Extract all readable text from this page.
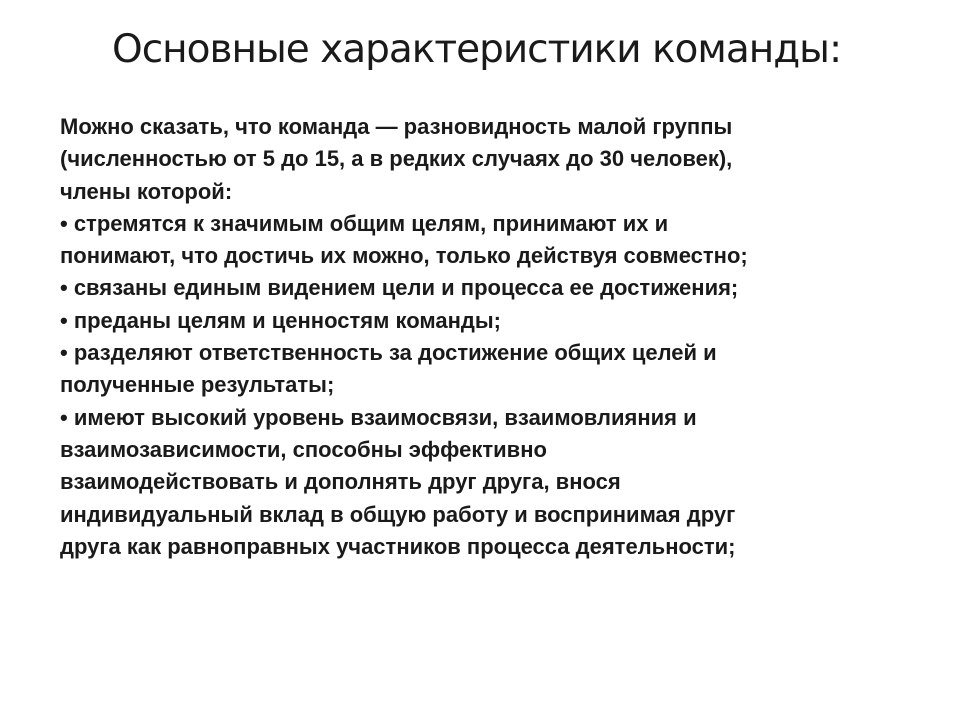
Основные характеристики команды:
Можно сказать, что команда — разновидность малой группы
(численностью от 5 до 15, а в редких случаях до 30 человек),
члены которой:
• стремятся к значимым общим целям, принимают их и
понимают, что достичь их можно, только действуя совместно;
• связаны единым видением цели и процесса ее достижения;
• преданы целям и ценностям команды;
• разделяют ответственность за достижение общих целей и
полученные результаты;
• имеют высокий уровень взаимосвязи, взаимовлияния и
взаимозависимости, способны эффективно
взаимодействовать и дополнять друг друга, внося
индивидуальный вклад в общую работу и воспринимая друг
друга как равноправных участников процесса деятельности;
